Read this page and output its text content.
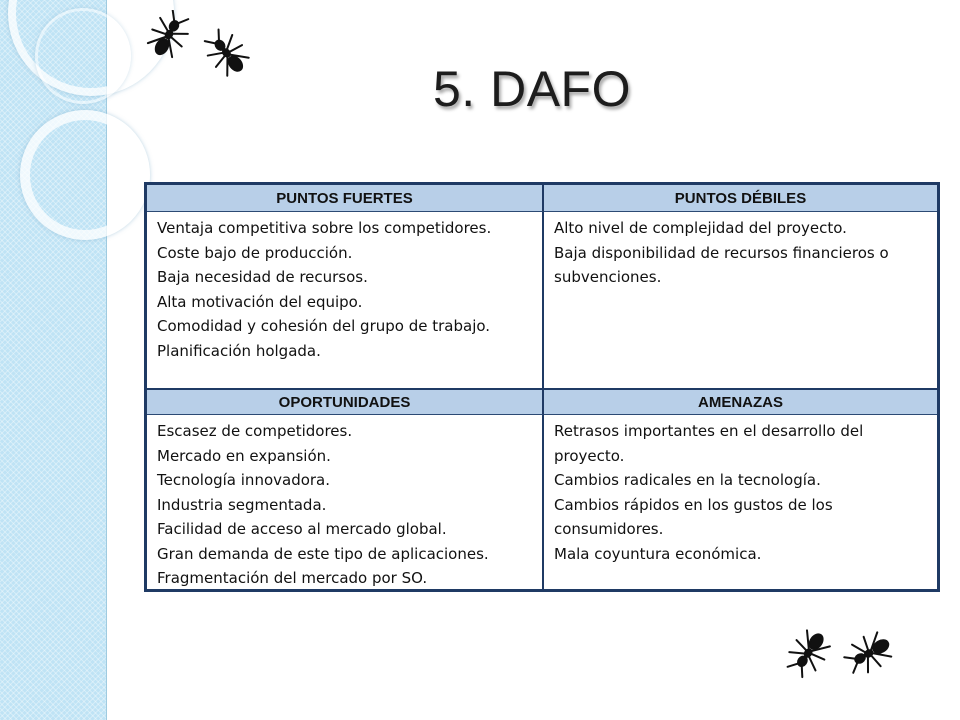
5. DAFO
PUNTOS FUERTES	PUNTOS DÉBILES
Ventaja competitiva sobre los competidores.
Coste bajo de producción.
Baja necesidad de recursos.
Alta motivación del equipo.
Comodidad y cohesión del grupo de trabajo.
Planificación holgada.
Alto nivel de complejidad del proyecto.
Baja disponibilidad de recursos financieros o subvenciones.
OPORTUNIDADES	AMENAZAS
Escasez de competidores.
Mercado en expansión.
Tecnología innovadora.
Industria segmentada.
Facilidad de acceso al mercado global.
Gran demanda de este tipo de aplicaciones.
Fragmentación del mercado por SO.
Retrasos importantes en el desarrollo del proyecto.
Cambios radicales en la tecnología.
Cambios rápidos en los gustos de los consumidores.
Mala coyuntura económica.
